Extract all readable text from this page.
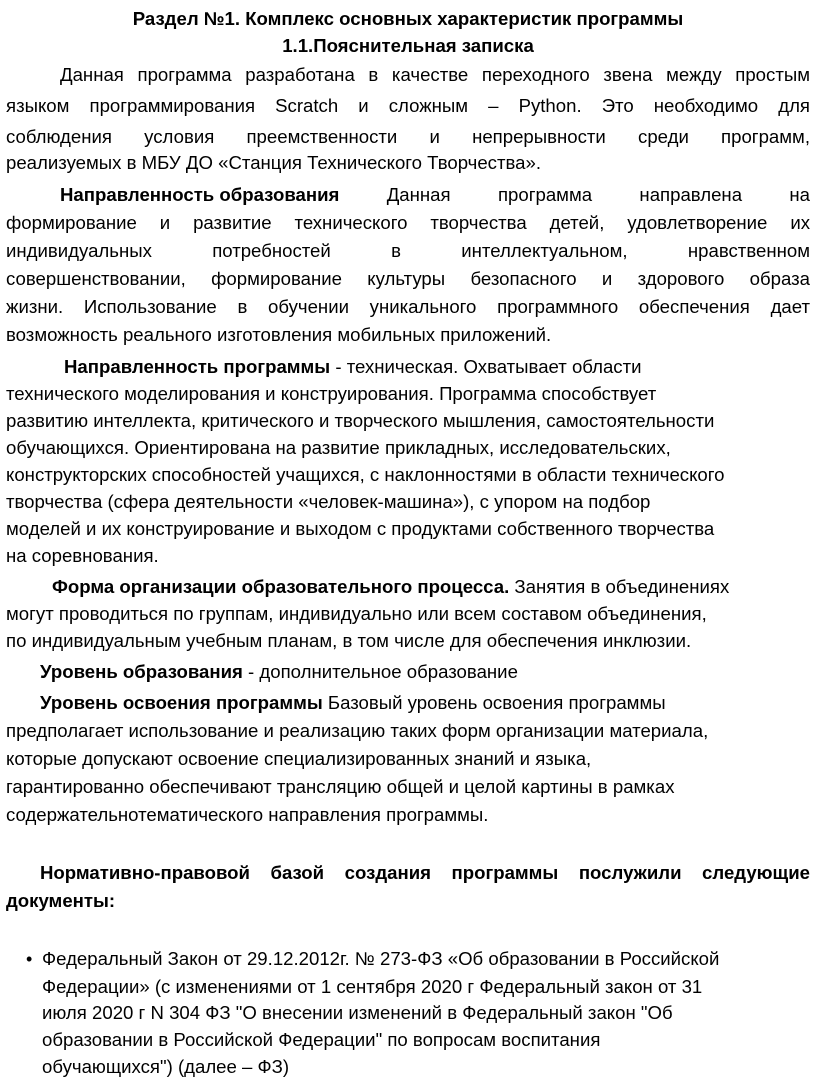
Раздел №1. Комплекс основных характеристик программы
1.1.Пояснительная записка
Данная программа разработана в качестве переходного звена между простым
языком программирования Scratch и сложным – Python. Это необходимо для
соблюдения условия преемственности и непрерывности среди программ,
реализуемых в МБУ ДО «Станция Технического Творчества».
Направленность образования Данная программа направлена на
формирование и развитие технического творчества детей, удовлетворение их
индивидуальных потребностей в интеллектуальном, нравственном
совершенствовании, формирование культуры безопасного и здорового образа
жизни. Использование в обучении уникального программного обеспечения дает
возможность реального изготовления мобильных приложений.
Направленность программы - техническая. Охватывает области
технического моделирования и конструирования. Программа способствует
развитию интеллекта, критического и творческого мышления, самостоятельности
обучающихся. Ориентирована на развитие прикладных, исследовательских,
конструкторских способностей учащихся, с наклонностями в области технического
творчества (сфера деятельности «человек-машина»), с упором на подбор
моделей и их конструирование и выходом с продуктами собственного творчества
на соревнования.
Форма организации образовательного процесса. Занятия в объединениях
могут проводиться по группам, индивидуально или всем составом объединения,
по индивидуальным учебным планам, в том числе для обеспечения инклюзии.
Уровень образования - дополнительное образование
Уровень освоения программы Базовый уровень освоения программы
предполагает использование и реализацию таких форм организации материала,
которые допускают освоение специализированных знаний и языка,
гарантированно обеспечивают трансляцию общей и целой картины в рамках
содержательнотематического направления программы.
Нормативно-правовой базой создания программы послужили следующие
документы:
• Федеральный Закон от 29.12.2012г. № 273-ФЗ «Об образовании в Российской
Федерации» (с изменениями от 1 сентября 2020 г Федеральный закон от 31
июля 2020 г N 304 ФЗ "О внесении изменений в Федеральный закон "Об
образовании в Российской Федерации" по вопросам воспитания
обучающихся") (далее – ФЗ)
